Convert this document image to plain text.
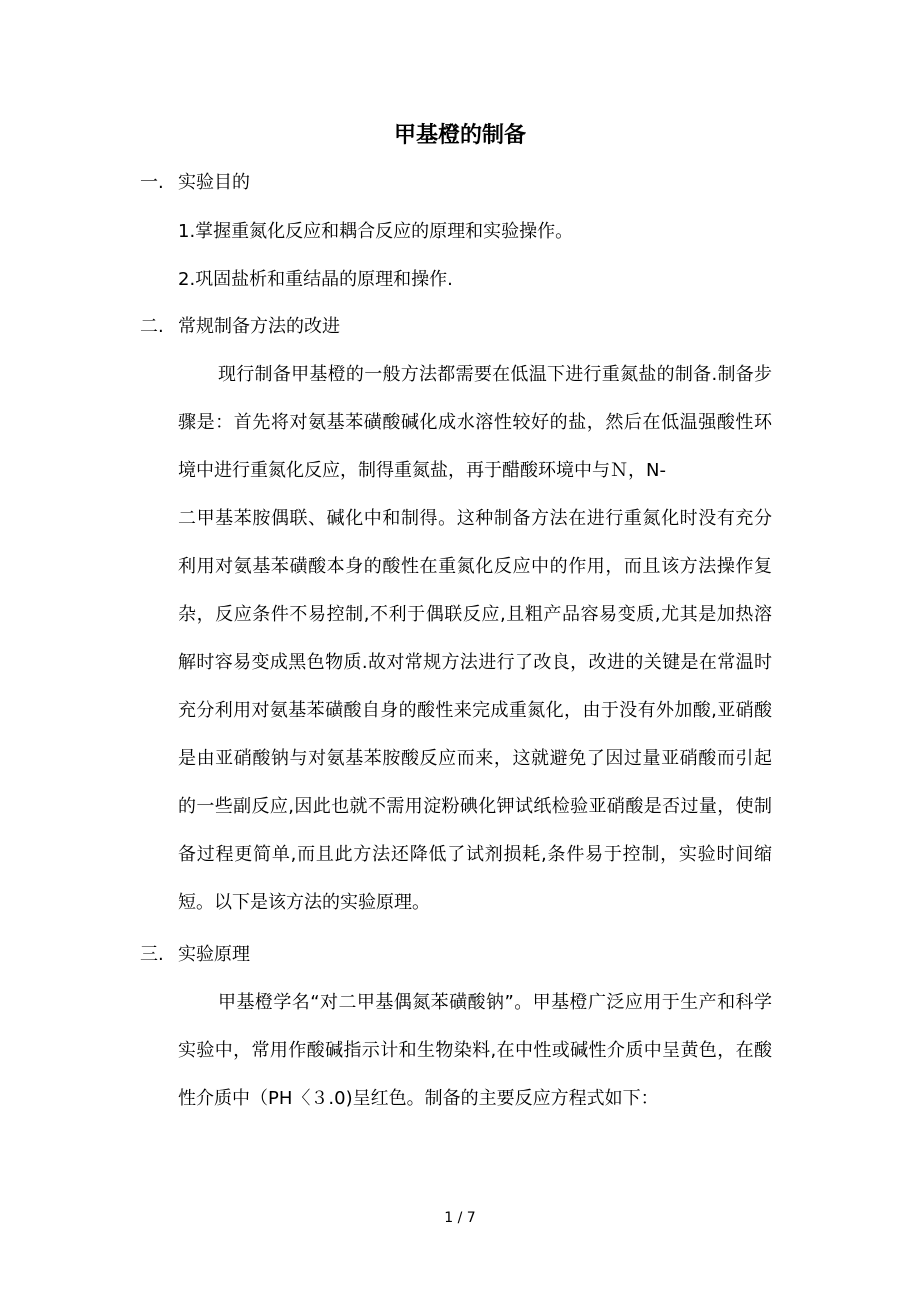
甲基橙的制备
一. 实验目的
1.掌握重氮化反应和耦合反应的原理和实验操作。
2.巩固盐析和重结晶的原理和操作.
二. 常规制备方法的改进
现行制备甲基橙的一般方法都需要在低温下进行重氮盐的制备.制备步
骤是：首先将对氨基苯磺酸碱化成水溶性较好的盐，然后在低温强酸性环
境中进行重氮化反应，制得重氮盐，再于醋酸环境中与Ｎ，N-
二甲基苯胺偶联、碱化中和制得。这种制备方法在进行重氮化时没有充分
利用对氨基苯磺酸本身的酸性在重氮化反应中的作用，而且该方法操作复
杂，反应条件不易控制,不利于偶联反应,且粗产品容易变质,尤其是加热溶
解时容易变成黑色物质.故对常规方法进行了改良，改进的关键是在常温时
充分利用对氨基苯磺酸自身的酸性来完成重氮化，由于没有外加酸,亚硝酸
是由亚硝酸钠与对氨基苯胺酸反应而来，这就避免了因过量亚硝酸而引起
的一些副反应,因此也就不需用淀粉碘化钾试纸检验亚硝酸是否过量，使制
备过程更简单,而且此方法还降低了试剂损耗,条件易于控制，实验时间缩
短。以下是该方法的实验原理。
三. 实验原理
甲基橙学名“对二甲基偶氮苯磺酸钠”。甲基橙广泛应用于生产和科学
实验中，常用作酸碱指示计和生物染料,在中性或碱性介质中呈黄色，在酸
性介质中（PH〈３.0)呈红色。制备的主要反应方程式如下：
1 / 7
